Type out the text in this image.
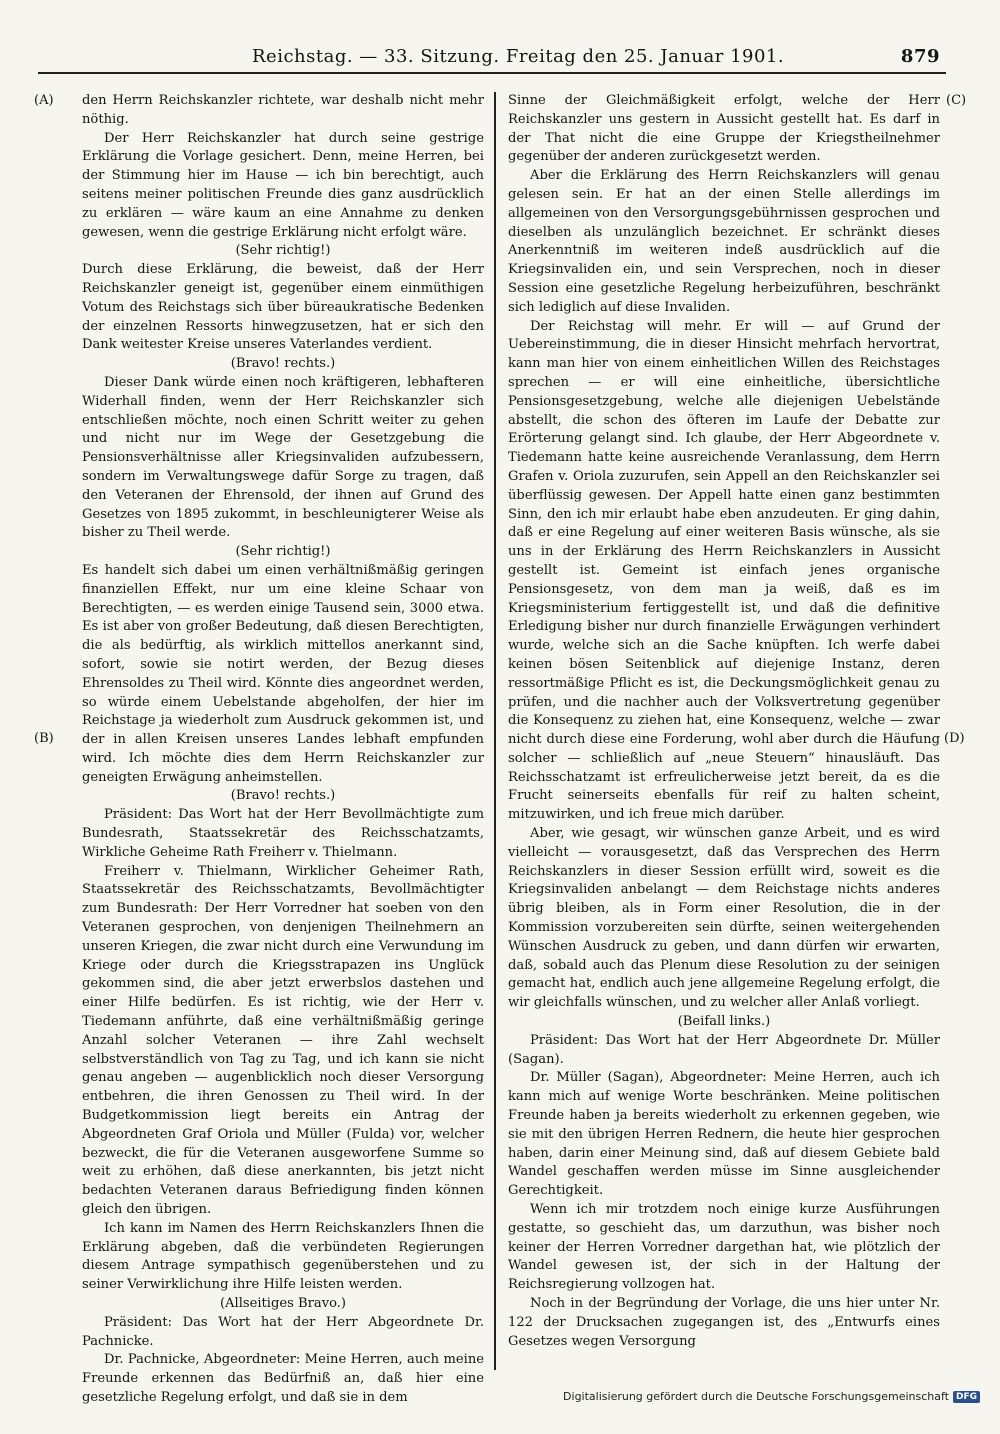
Reichstag. — 33. Sitzung. Freitag den 25. Januar 1901.	879
(A)
(B)
(C)
(D)

den Herrn Reichskanzler richtete, war deshalb nicht mehr nöthig.

Der Herr Reichskanzler hat durch seine gestrige Erklärung die Vorlage gesichert. Denn, meine Herren, bei der Stimmung hier im Hause — ich bin berechtigt, auch seitens meiner politischen Freunde dies ganz ausdrücklich zu erklären — wäre kaum an eine Annahme zu denken gewesen, wenn die gestrige Erklärung nicht erfolgt wäre.

(Sehr richtig!)

Durch diese Erklärung, die beweist, daß der Herr Reichskanzler geneigt ist, gegenüber einem einmüthigen Votum des Reichstags sich über büreaukratische Bedenken der einzelnen Ressorts hinwegzusetzen, hat er sich den Dank weitester Kreise unseres Vaterlandes verdient.

(Bravo! rechts.)

Dieser Dank würde einen noch kräftigeren, lebhafteren Widerhall finden, wenn der Herr Reichskanzler sich entschließen möchte, noch einen Schritt weiter zu gehen und nicht nur im Wege der Gesetzgebung die Pensionsverhältnisse aller Kriegsinvaliden aufzubessern, sondern im Verwaltungswege dafür Sorge zu tragen, daß den Veteranen der Ehrensold, der ihnen auf Grund des Gesetzes von 1895 zukommt, in beschleunigterer Weise als bisher zu Theil werde.

(Sehr richtig!)

Es handelt sich dabei um einen verhältnißmäßig geringen finanziellen Effekt, nur um eine kleine Schaar von Berechtigten, — es werden einige Tausend sein, 3000 etwa. Es ist aber von großer Bedeutung, daß diesen Berechtigten, die als bedürftig, als wirklich mittellos anerkannt sind, sofort, sowie sie notirt werden, der Bezug dieses Ehrensoldes zu Theil wird. Könnte dies angeordnet werden, so würde einem Uebelstande abgeholfen, der hier im Reichstage ja wiederholt zum Ausdruck gekommen ist, und der in allen Kreisen unseres Landes lebhaft empfunden wird. Ich möchte dies dem Herrn Reichskanzler zur geneigten Erwägung anheimstellen.

(Bravo! rechts.)

Präsident: Das Wort hat der Herr Bevollmächtigte zum Bundesrath, Staatssekretär des Reichsschatzamts, Wirkliche Geheime Rath Freiherr v. Thielmann.

Freiherr v. Thielmann, Wirklicher Geheimer Rath, Staatssekretär des Reichsschatzamts, Bevollmächtigter zum Bundesrath: Der Herr Vorredner hat soeben von den Veteranen gesprochen, von denjenigen Theilnehmern an unseren Kriegen, die zwar nicht durch eine Verwundung im Kriege oder durch die Kriegsstrapazen ins Unglück gekommen sind, die aber jetzt erwerbslos dastehen und einer Hilfe bedürfen. Es ist richtig, wie der Herr v. Tiedemann anführte, daß eine verhältnißmäßig geringe Anzahl solcher Veteranen — ihre Zahl wechselt selbstverständlich von Tag zu Tag, und ich kann sie nicht genau angeben — augenblicklich noch dieser Versorgung entbehren, die ihren Genossen zu Theil wird. In der Budgetkommission liegt bereits ein Antrag der Abgeordneten Graf Oriola und Müller (Fulda) vor, welcher bezweckt, die für die Veteranen ausgeworfene Summe so weit zu erhöhen, daß diese anerkannten, bis jetzt nicht bedachten Veteranen daraus Befriedigung finden können gleich den übrigen.

Ich kann im Namen des Herrn Reichskanzlers Ihnen die Erklärung abgeben, daß die verbündeten Regierungen diesem Antrage sympathisch gegenüberstehen und zu seiner Verwirklichung ihre Hilfe leisten werden.

(Allseitiges Bravo.)

Präsident: Das Wort hat der Herr Abgeordnete Dr. Pachnicke.

Dr. Pachnicke, Abgeordneter: Meine Herren, auch meine Freunde erkennen das Bedürfniß an, daß hier eine gesetzliche Regelung erfolgt, und daß sie in dem

Sinne der Gleichmäßigkeit erfolgt, welche der Herr Reichskanzler uns gestern in Aussicht gestellt hat. Es darf in der That nicht die eine Gruppe der Kriegstheilnehmer gegenüber der anderen zurückgesetzt werden.

Aber die Erklärung des Herrn Reichskanzlers will genau gelesen sein. Er hat an der einen Stelle allerdings im allgemeinen von den Versorgungsgebührnissen gesprochen und dieselben als unzulänglich bezeichnet. Er schränkt dieses Anerkenntniß im weiteren indeß ausdrücklich auf die Kriegsinvaliden ein, und sein Versprechen, noch in dieser Session eine gesetzliche Regelung herbeizuführen, beschränkt sich lediglich auf diese Invaliden.

Der Reichstag will mehr. Er will — auf Grund der Uebereinstimmung, die in dieser Hinsicht mehrfach hervortrat, kann man hier von einem einheitlichen Willen des Reichstages sprechen — er will eine einheitliche, übersichtliche Pensionsgesetzgebung, welche alle diejenigen Uebelstände abstellt, die schon des öfteren im Laufe der Debatte zur Erörterung gelangt sind. Ich glaube, der Herr Abgeordnete v. Tiedemann hatte keine ausreichende Veranlassung, dem Herrn Grafen v. Oriola zuzurufen, sein Appell an den Reichskanzler sei überflüssig gewesen. Der Appell hatte einen ganz bestimmten Sinn, den ich mir erlaubt habe eben anzudeuten. Er ging dahin, daß er eine Regelung auf einer weiteren Basis wünsche, als sie uns in der Erklärung des Herrn Reichskanzlers in Aussicht gestellt ist. Gemeint ist einfach jenes organische Pensionsgesetz, von dem man ja weiß, daß es im Kriegsministerium fertiggestellt ist, und daß die definitive Erledigung bisher nur durch finanzielle Erwägungen verhindert wurde, welche sich an die Sache knüpften. Ich werfe dabei keinen bösen Seitenblick auf diejenige Instanz, deren ressortmäßige Pflicht es ist, die Deckungsmöglichkeit genau zu prüfen, und die nachher auch der Volksvertretung gegenüber die Konsequenz zu ziehen hat, eine Konsequenz, welche — zwar nicht durch diese eine Forderung, wohl aber durch die Häufung solcher — schließlich auf „neue Steuern“ hinausläuft. Das Reichsschatzamt ist erfreulicherweise jetzt bereit, da es die Frucht seinerseits ebenfalls für reif zu halten scheint, mitzuwirken, und ich freue mich darüber.

Aber, wie gesagt, wir wünschen ganze Arbeit, und es wird vielleicht — vorausgesetzt, daß das Versprechen des Herrn Reichskanzlers in dieser Session erfüllt wird, soweit es die Kriegsinvaliden anbelangt — dem Reichstage nichts anderes übrig bleiben, als in Form einer Resolution, die in der Kommission vorzubereiten sein dürfte, seinen weitergehenden Wünschen Ausdruck zu geben, und dann dürfen wir erwarten, daß, sobald auch das Plenum diese Resolution zu der seinigen gemacht hat, endlich auch jene allgemeine Regelung erfolgt, die wir gleichfalls wünschen, und zu welcher aller Anlaß vorliegt.

(Beifall links.)

Präsident: Das Wort hat der Herr Abgeordnete Dr. Müller (Sagan).

Dr. Müller (Sagan), Abgeordneter: Meine Herren, auch ich kann mich auf wenige Worte beschränken. Meine politischen Freunde haben ja bereits wiederholt zu erkennen gegeben, wie sie mit den übrigen Herren Rednern, die heute hier gesprochen haben, darin einer Meinung sind, daß auf diesem Gebiete bald Wandel geschaffen werden müsse im Sinne ausgleichender Gerechtigkeit.

Wenn ich mir trotzdem noch einige kurze Ausführungen gestatte, so geschieht das, um darzuthun, was bisher noch keiner der Herren Vorredner dargethan hat, wie plötzlich der Wandel gewesen ist, der sich in der Haltung der Reichsregierung vollzogen hat.

Noch in der Begründung der Vorlage, die uns hier unter Nr. 122 der Drucksachen zugegangen ist, des „Entwurfs eines Gesetzes wegen Versorgung

Digitalisierung gefördert durch die Deutsche Forschungsgemeinschaft DFG
